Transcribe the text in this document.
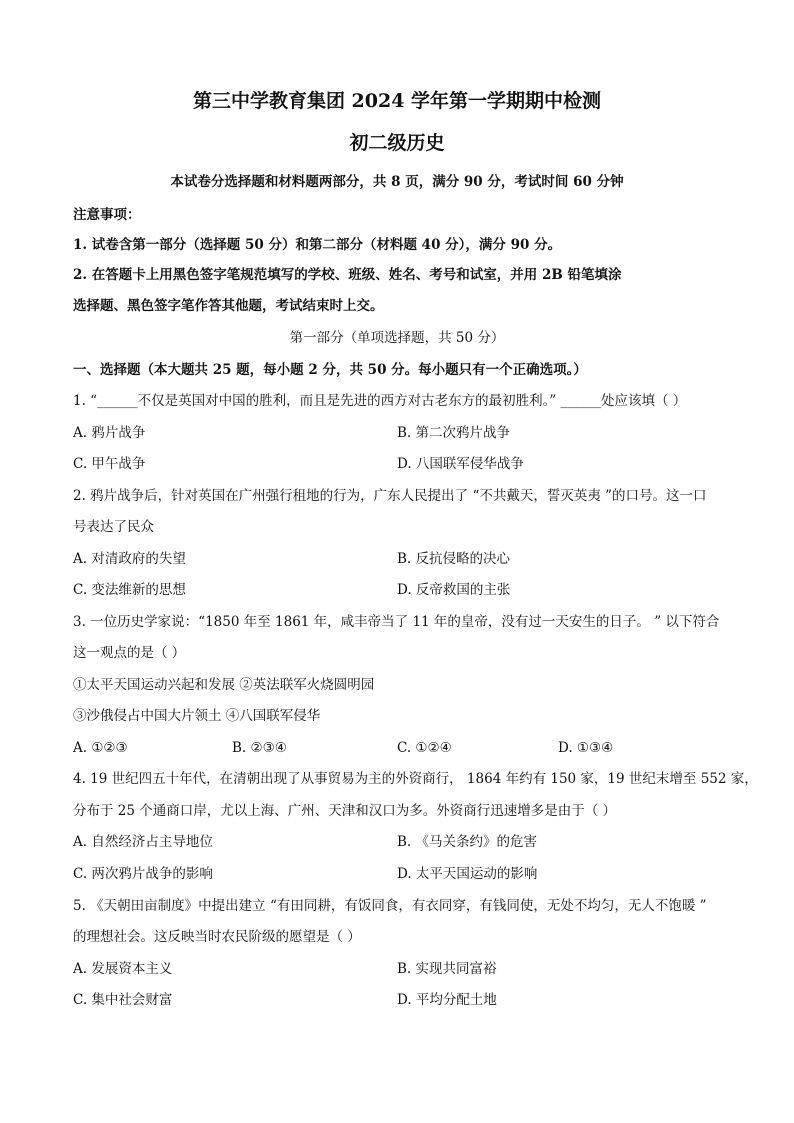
第三中学教育集团 2024 学年第一学期期中检测
初二级历史
本试卷分选择题和材料题两部分，共 8 页，满分 90 分，考试时间 60 分钟
注意事项：
1. 试卷含第一部分（选择题 50 分）和第二部分（材料题 40 分），满分 90 分。
2. 在答题卡上用黑色签字笔规范填写的学校、班级、姓名、考号和试室，并用 2B 铅笔填涂
选择题、黑色签字笔作答其他题，考试结束时上交。
第一部分（单项选择题，共 50 分）
一、选择题（本大题共 25 题，每小题 2 分，共 50 分。每小题只有一个正确选项。）
1. “______不仅是英国对中国的胜利，而且是先进的西方对古老东方的最初胜利。” ______处应该填（ ）
A. 鸦片战争	B. 第二次鸦片战争
C. 甲午战争	D. 八国联军侵华战争
2. 鸦片战争后，针对英国在广州强行租地的行为，广东人民提出了 “不共戴天，誓灭英夷 ”的口号。这一口
号表达了民众
A. 对清政府的失望	B. 反抗侵略的决心
C. 变法维新的思想	D. 反帝救国的主张
3. 一位历史学家说：“1850 年至 1861 年，咸丰帝当了 11 年的皇帝，没有过一天安生的日子。 ” 以下符合
这一观点的是（ ）
①太平天国运动兴起和发展 ②英法联军火烧圆明园
③沙俄侵占中国大片领土 ④八国联军侵华
A. ①②③	B. ②③④	C. ①②④	D. ①③④
4. 19 世纪四五十年代，在清朝出现了从事贸易为主的外资商行， 1864 年约有 150 家，19 世纪末增至 552 家，
分布于 25 个通商口岸，尤以上海、广州、天津和汉口为多。外资商行迅速增多是由于（ ）
A. 自然经济占主导地位	B. 《马关条约》的危害
C. 两次鸦片战争的影响	D. 太平天国运动的影响
5. 《天朝田亩制度》中提出建立 “有田同耕，有饭同食，有衣同穿，有钱同使，无处不均匀，无人不饱暖 ”
的理想社会。这反映当时农民阶级的愿望是（ ）
A. 发展资本主义	B. 实现共同富裕
C. 集中社会财富	D. 平均分配土地
